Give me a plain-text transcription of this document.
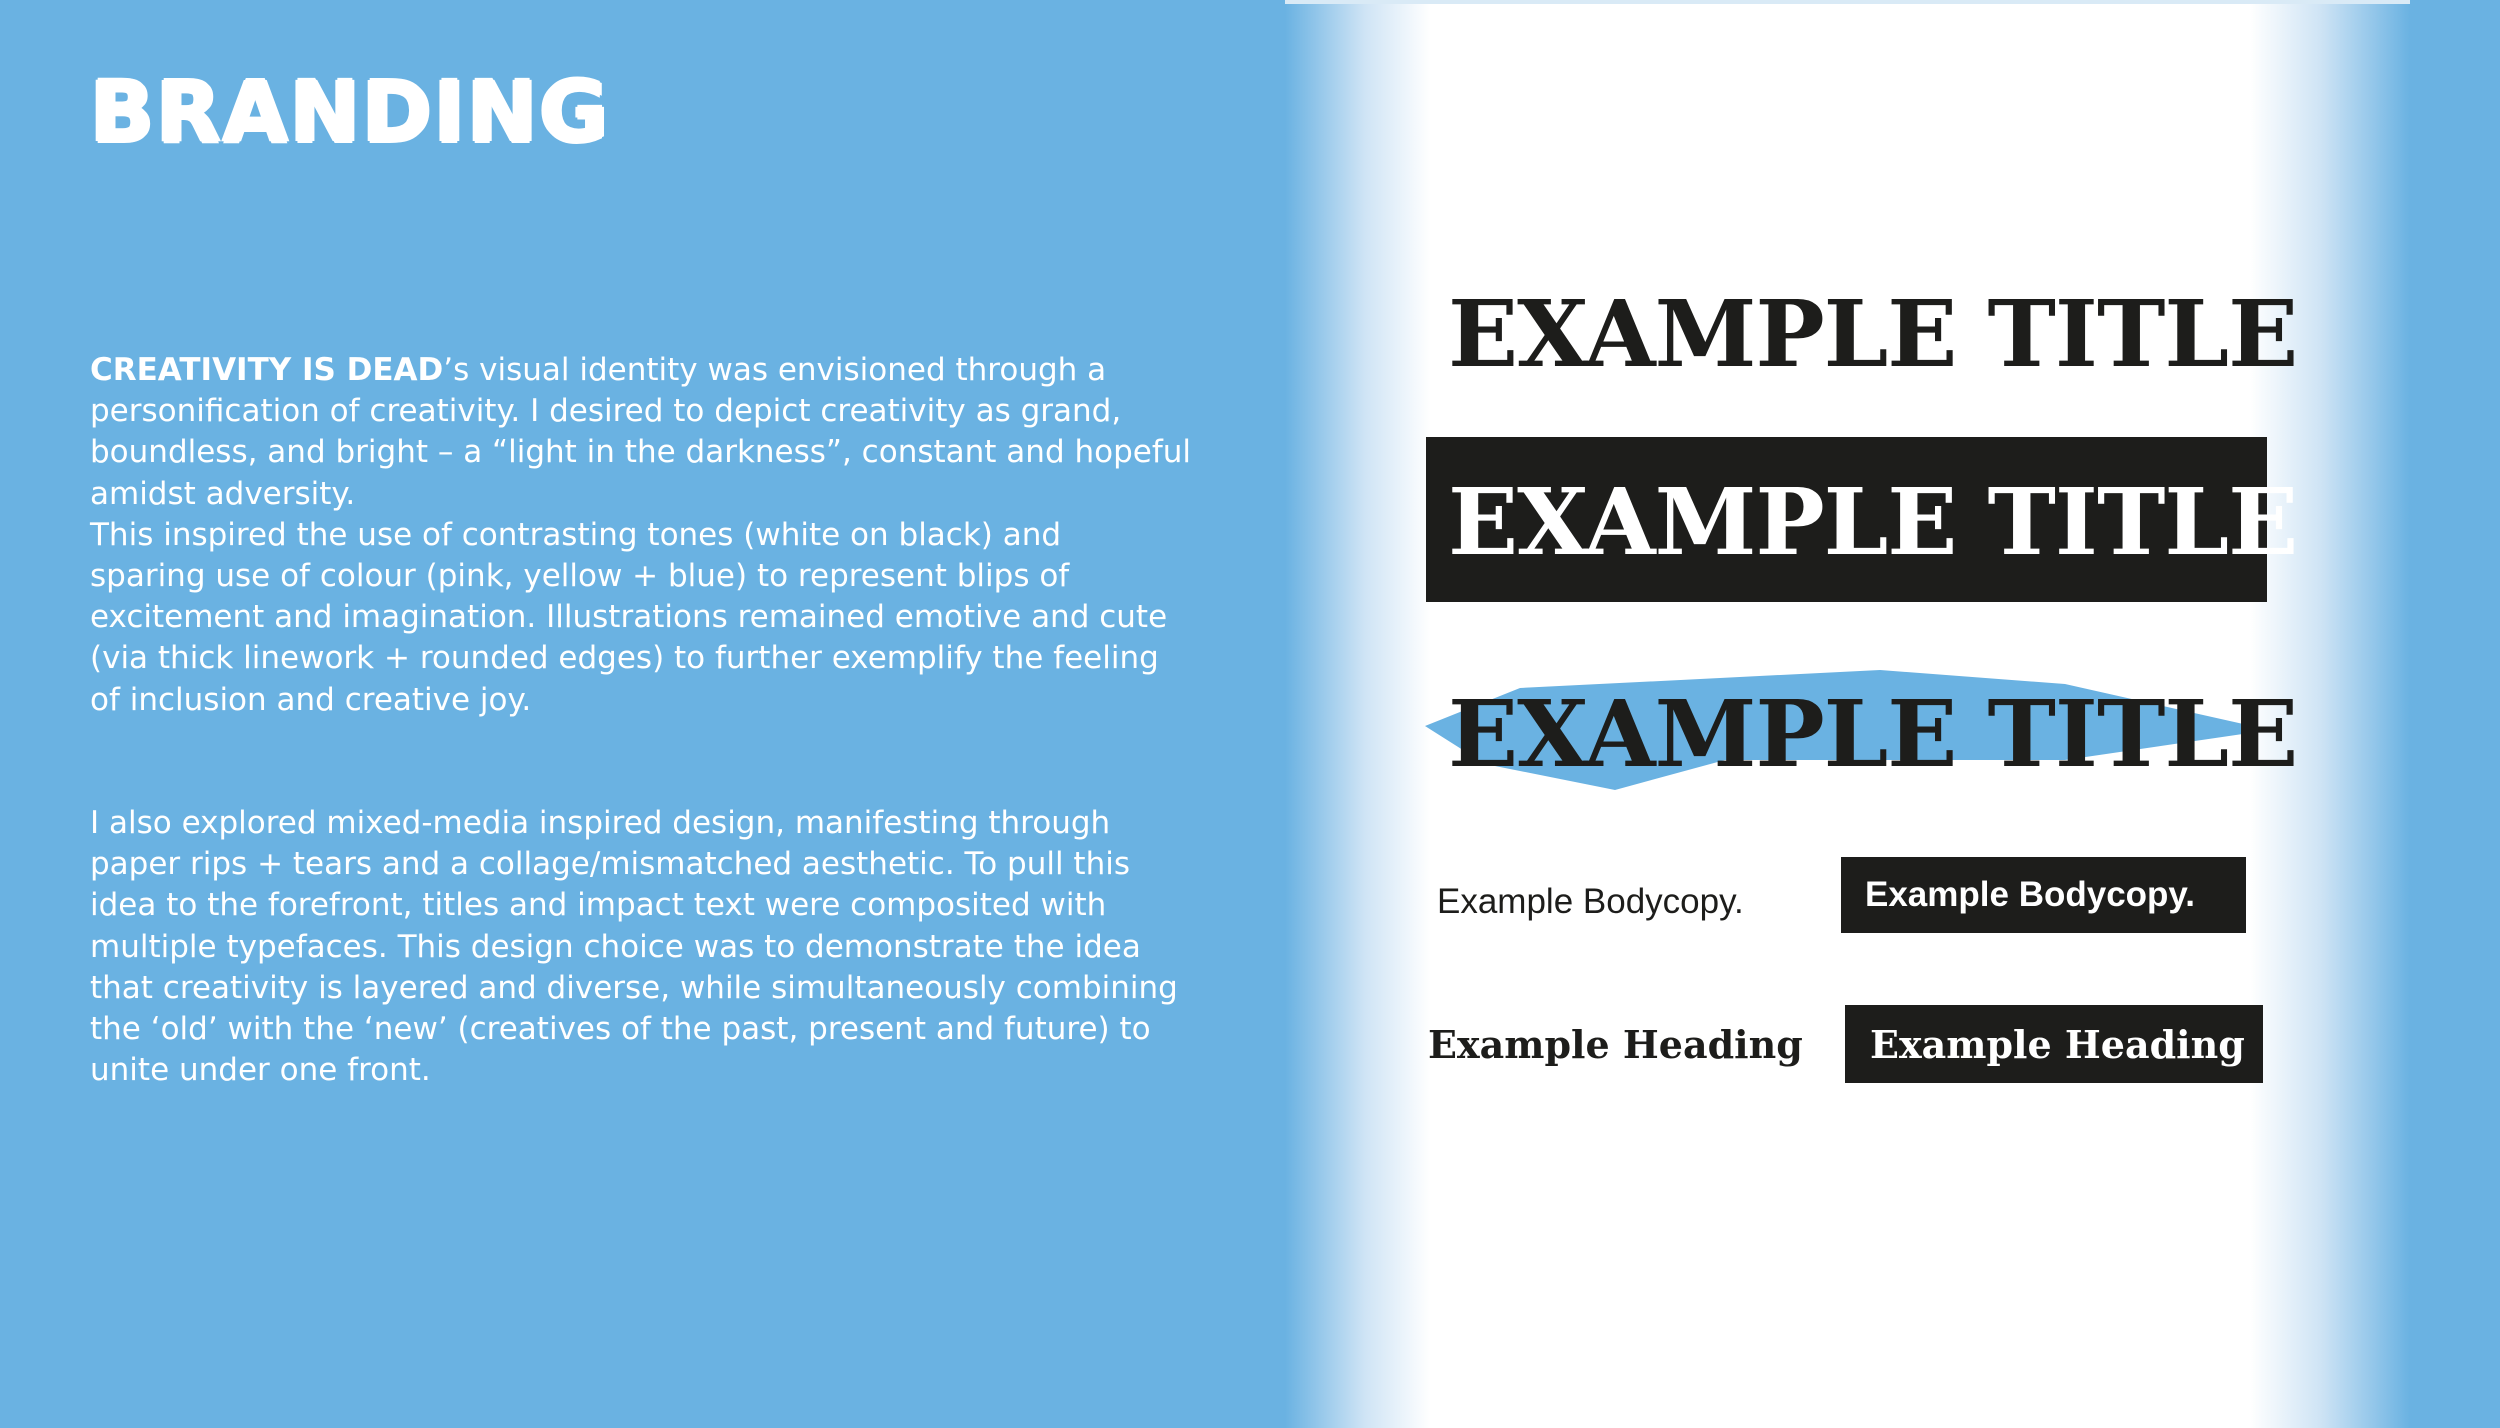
BRANDING

CREATIVITY IS DEAD’s visual identity was envisioned through a
personification of creativity. I desired to depict creativity as grand,
boundless, and bright – a “light in the darkness”, constant and hopeful
amidst adversity.
This inspired the use of contrasting tones (white on black) and
sparing use of colour (pink, yellow + blue) to represent blips of
excitement and imagination. Illustrations remained emotive and cute
(via thick linework + rounded edges) to further exemplify the feeling
of inclusion and creative joy.

I also explored mixed-media inspired design, manifesting through
paper rips + tears and a collage/mismatched aesthetic. To pull this
idea to the forefront, titles and impact text were composited with
multiple typefaces. This design choice was to demonstrate the idea
that creativity is layered and diverse, while simultaneously combining
the ‘old’ with the ‘new’ (creatives of the past, present and future) to
unite under one front.

EXAMPLE TITLE
EXAMPLE TITLE
EXAMPLE TITLE
Example Bodycopy.	Example Bodycopy.
Example Heading Example Heading
